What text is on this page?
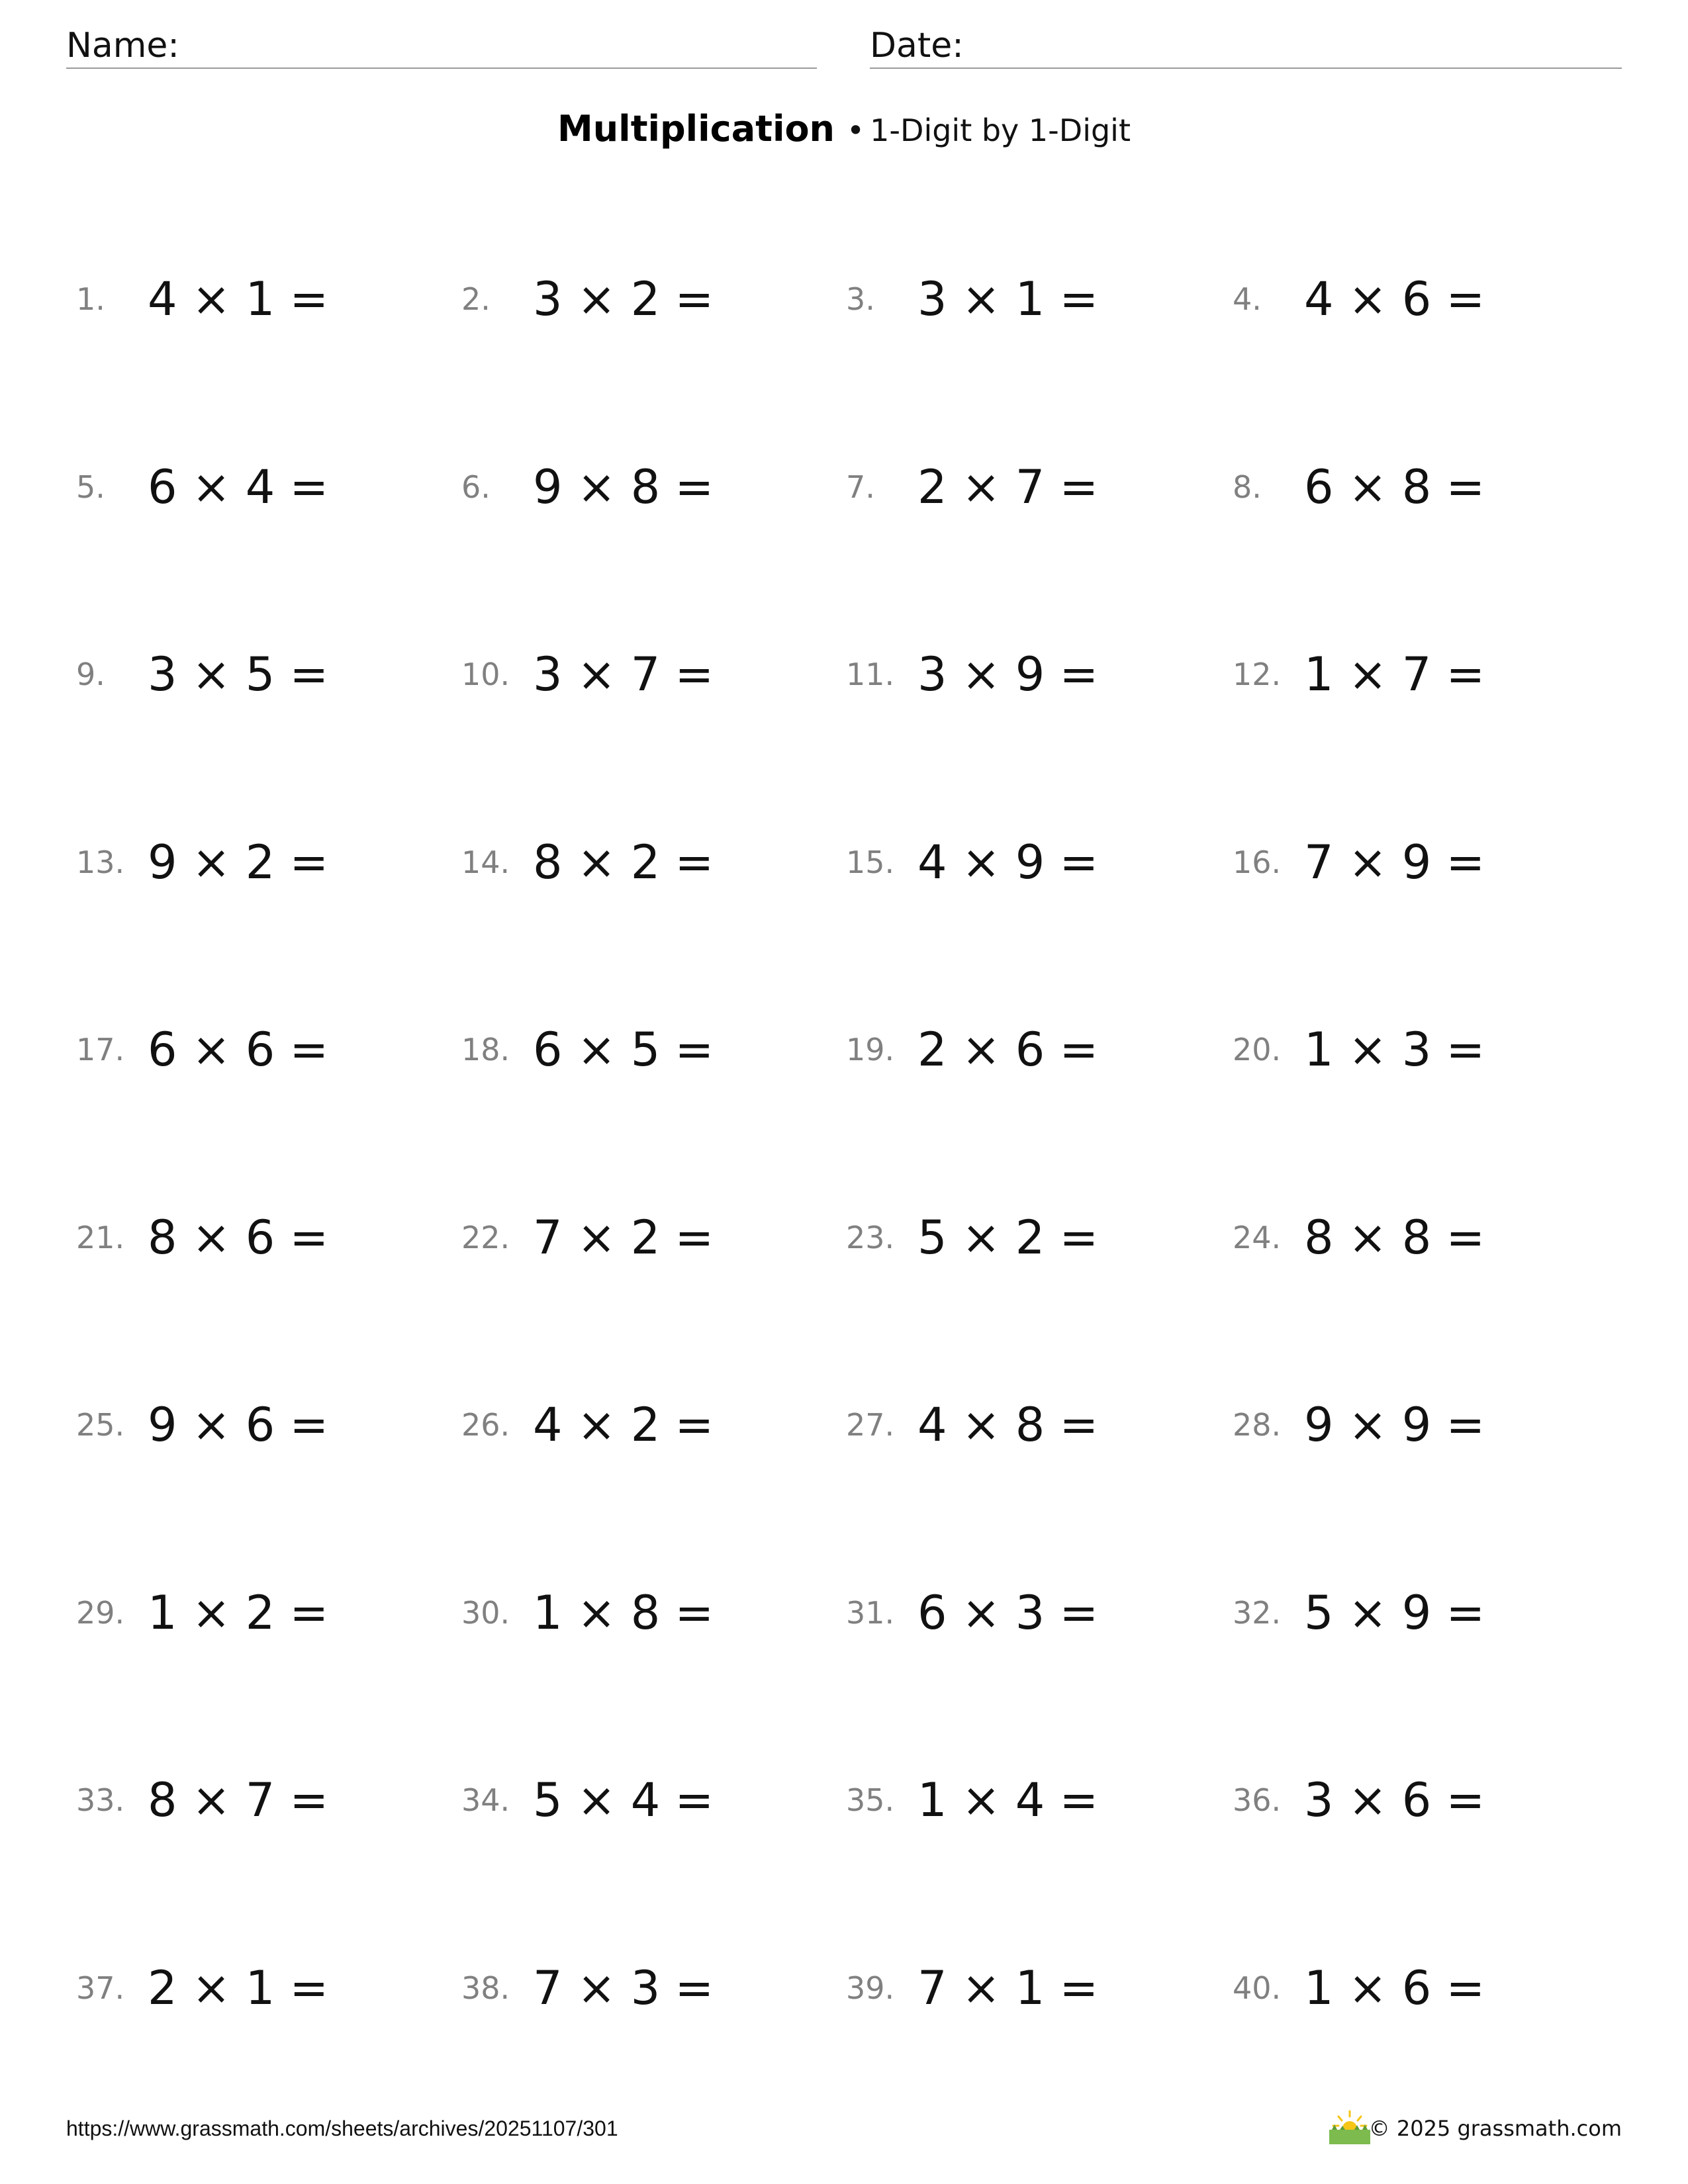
Name:	Date:
Multiplication • 1-Digit by 1-Digit
1. 4 × 1 =	2. 3 × 2 =	3. 3 × 1 =	4. 4 × 6 =
5. 6 × 4 =	6. 9 × 8 =	7. 2 × 7 =	8. 6 × 8 =
9. 3 × 5 =	10. 3 × 7 =	11. 3 × 9 =	12. 1 × 7 =
13. 9 × 2 =	14. 8 × 2 =	15. 4 × 9 =	16. 7 × 9 =
17. 6 × 6 =	18. 6 × 5 =	19. 2 × 6 =	20. 1 × 3 =
21. 8 × 6 =	22. 7 × 2 =	23. 5 × 2 =	24. 8 × 8 =
25. 9 × 6 =	26. 4 × 2 =	27. 4 × 8 =	28. 9 × 9 =
29. 1 × 2 =	30. 1 × 8 =	31. 6 × 3 =	32. 5 × 9 =
33. 8 × 7 =	34. 5 × 4 =	35. 1 × 4 =	36. 3 × 6 =
37. 2 × 1 =	38. 7 × 3 =	39. 7 × 1 =	40. 1 × 6 =
https://www.grassmath.com/sheets/archives/20251107/301	© 2025 grassmath.com
